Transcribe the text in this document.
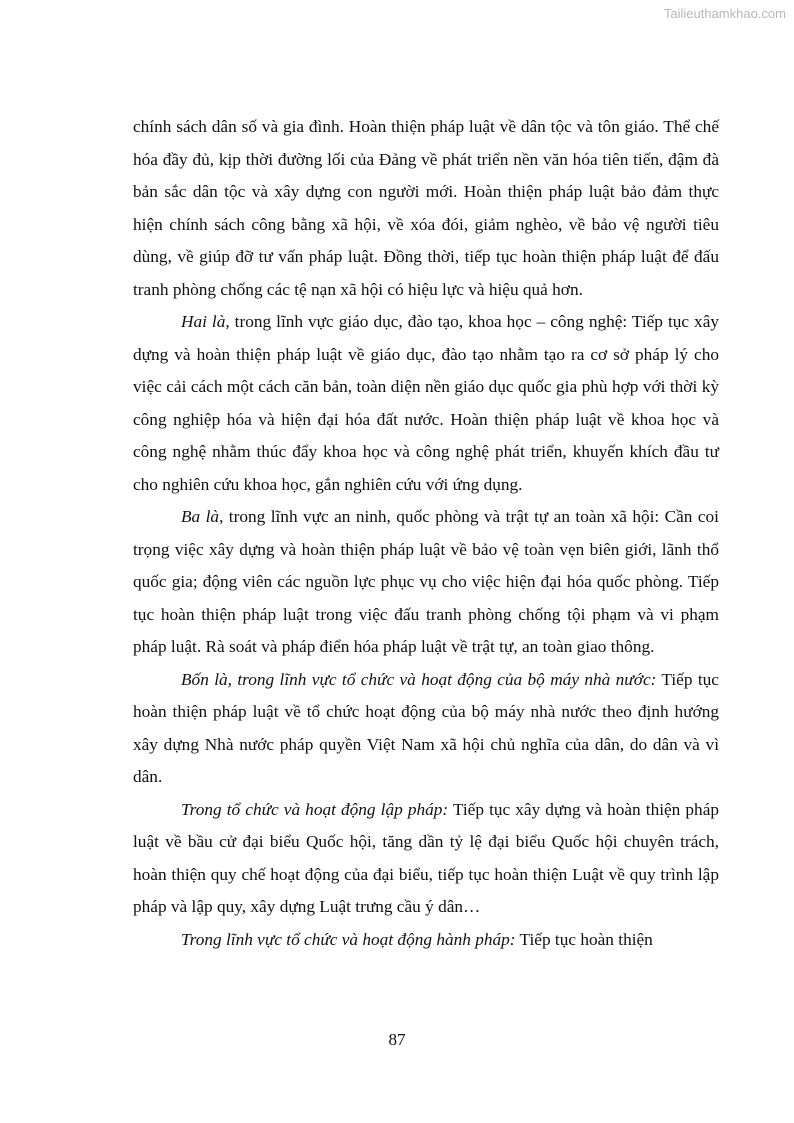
Tailieuthamkhao.com

chính sách dân số và gia đình. Hoàn thiện pháp luật về dân tộc và tôn giáo. Thể chế hóa đầy đủ, kịp thời đường lối của Đảng về phát triển nền văn hóa tiên tiến, đậm đà bản sắc dân tộc và xây dựng con người mới. Hoàn thiện pháp luật bảo đảm thực hiện chính sách công bằng xã hội, về xóa đói, giảm nghèo, về bảo vệ người tiêu dùng, về giúp đỡ tư vấn pháp luật. Đồng thời, tiếp tục hoàn thiện pháp luật để đấu tranh phòng chống các tệ nạn xã hội có hiệu lực và hiệu quả hơn.

Hai là, trong lĩnh vực giáo dục, đào tạo, khoa học – công nghệ: Tiếp tục xây dựng và hoàn thiện pháp luật về giáo dục, đào tạo nhằm tạo ra cơ sở pháp lý cho việc cải cách một cách căn bản, toàn diện nền giáo dục quốc gia phù hợp với thời kỳ công nghiệp hóa và hiện đại hóa đất nước. Hoàn thiện pháp luật về khoa học và công nghệ nhằm thúc đẩy khoa học và công nghệ phát triển, khuyến khích đầu tư cho nghiên cứu khoa học, gắn nghiên cứu với ứng dụng.

Ba là, trong lĩnh vực an ninh, quốc phòng và trật tự an toàn xã hội: Cần coi trọng việc xây dựng và hoàn thiện pháp luật về bảo vệ toàn vẹn biên giới, lãnh thổ quốc gia; động viên các nguồn lực phục vụ cho việc hiện đại hóa quốc phòng. Tiếp tục hoàn thiện pháp luật trong việc đấu tranh phòng chống tội phạm và vi phạm pháp luật. Rà soát và pháp điển hóa pháp luật về trật tự, an toàn giao thông.

Bốn là, trong lĩnh vực tổ chức và hoạt động của bộ máy nhà nước: Tiếp tục hoàn thiện pháp luật về tổ chức hoạt động của bộ máy nhà nước theo định hướng xây dựng Nhà nước pháp quyền Việt Nam xã hội chủ nghĩa của dân, do dân và vì dân.

Trong tổ chức và hoạt động lập pháp: Tiếp tục xây dựng và hoàn thiện pháp luật về bầu cử đại biểu Quốc hội, tăng dần tỷ lệ đại biểu Quốc hội chuyên trách, hoàn thiện quy chế hoạt động của đại biểu, tiếp tục hoàn thiện Luật về quy trình lập pháp và lập quy, xây dựng Luật trưng cầu ý dân…

Trong lĩnh vực tổ chức và hoạt động hành pháp: Tiếp tục hoàn thiện

87
